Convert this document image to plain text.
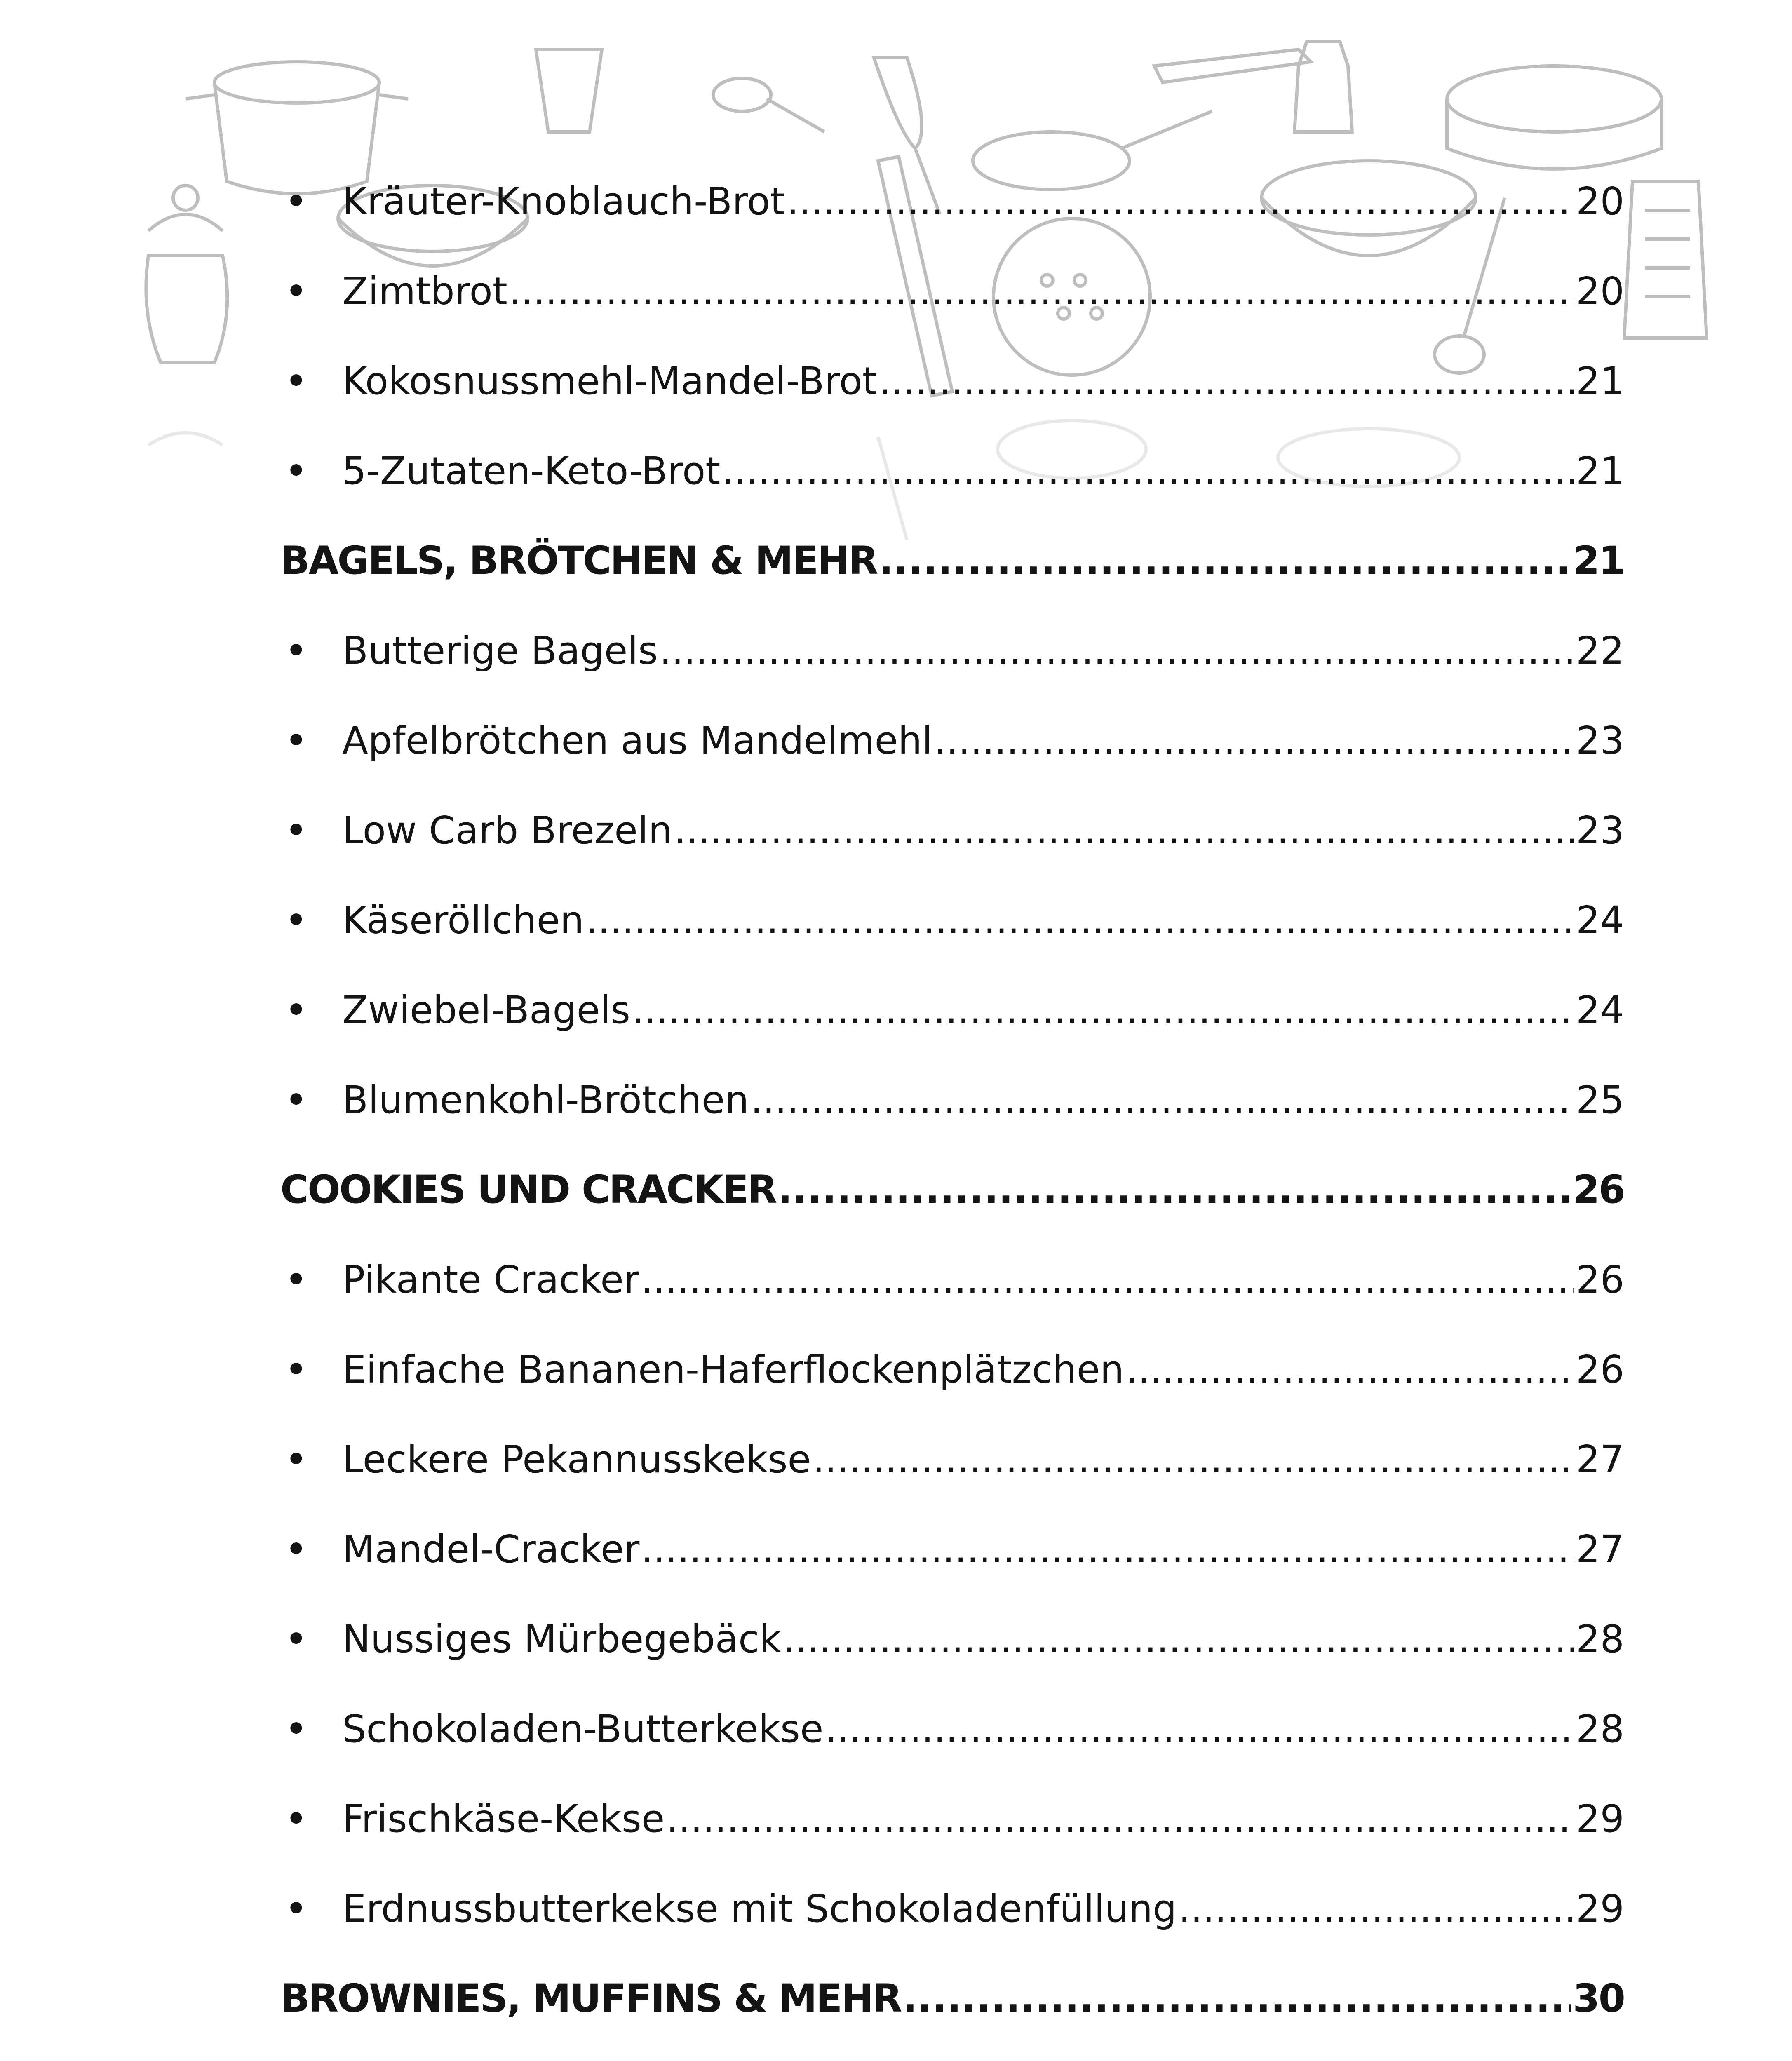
• Kräuter-Knoblauch-Brot .....	20
• Zimtbrot .....	20
• Kokosnussmehl-Mandel-Brot .....	21
• 5-Zutaten-Keto-Brot .....	21
BAGELS, BRÖTCHEN & MEHR .....	21
• Butterige Bagels .....	22
• Apfelbrötchen aus Mandelmehl .....	23
• Low Carb Brezeln .....	23
• Käseröllchen .....	24
• Zwiebel-Bagels .....	24
• Blumenkohl-Brötchen .....	25
COOKIES UND CRACKER .....	26
• Pikante Cracker .....	26
• Einfache Bananen-Haferflockenplätzchen .....	26
• Leckere Pekannusskekse .....	27
• Mandel-Cracker .....	27
• Nussiges Mürbegebäck .....	28
• Schokoladen-Butterkekse .....	28
• Frischkäse-Kekse .....	29
• Erdnussbutterkekse mit Schokoladenfüllung .....	29
BROWNIES, MUFFINS & MEHR .....	30
.....
